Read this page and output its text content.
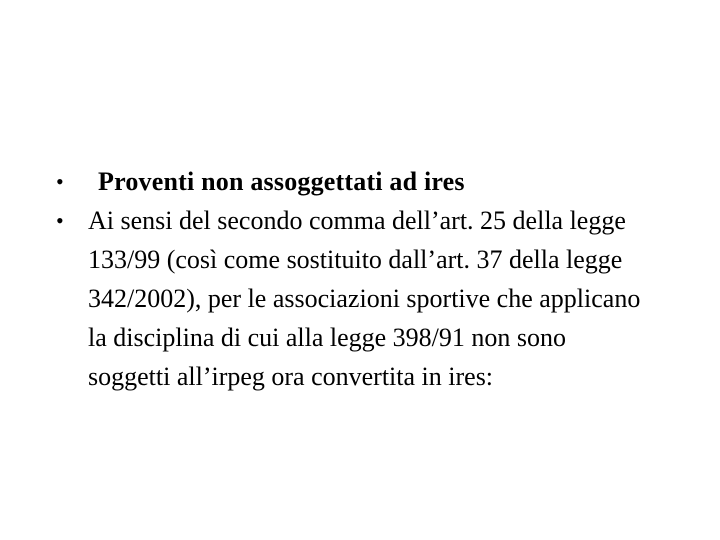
•	Proventi non assoggettati ad ires
• Ai sensi del secondo comma dell’art. 25 della legge 133/99 (così come sostituito dall’art. 37 della legge 342/2002), per le associazioni sportive che applicano la disciplina di cui alla legge 398/91 non sono soggetti all’irpeg ora convertita in ires:
